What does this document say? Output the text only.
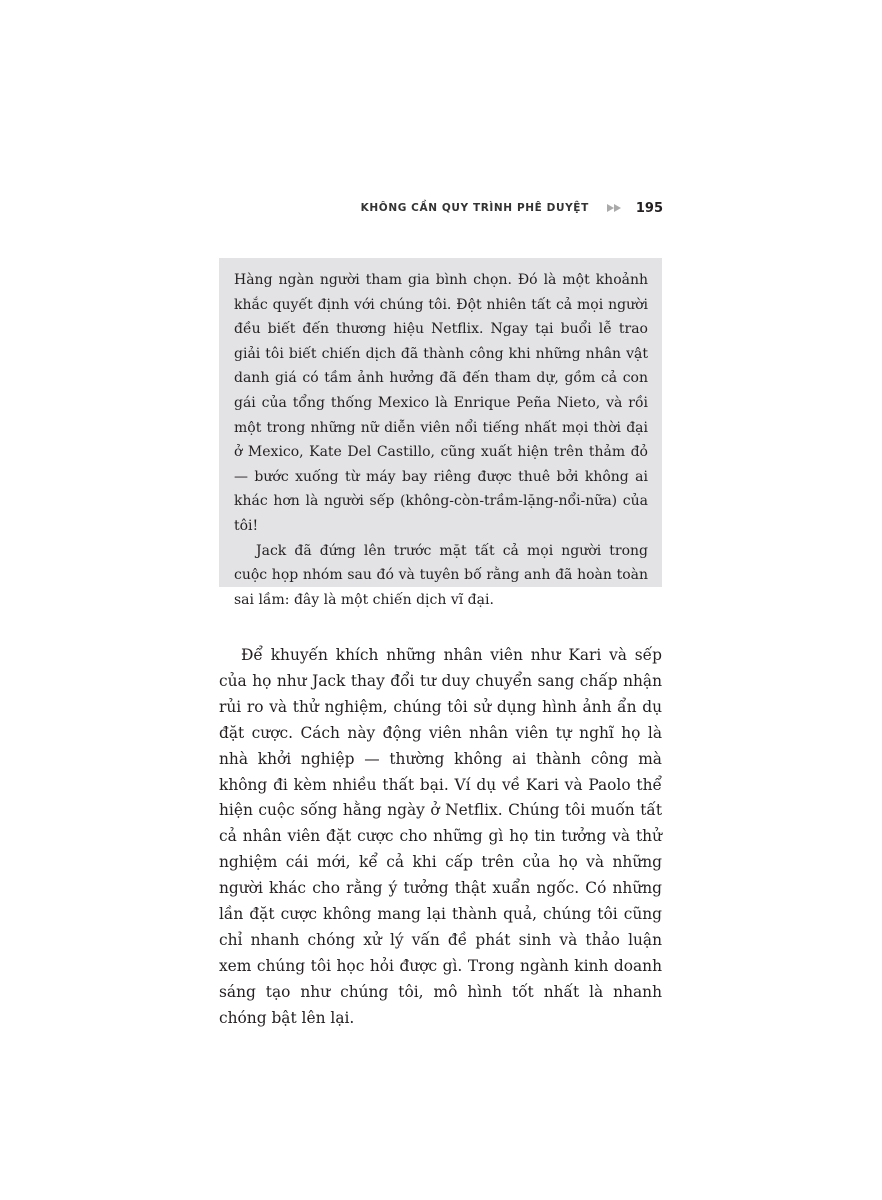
KHÔNG CẦN QUY TRÌNH PHÊ DUYỆT	195

Hàng ngàn người tham gia bình chọn. Đó là một khoảnh khắc quyết định với chúng tôi. Đột nhiên tất cả mọi người đều biết đến thương hiệu Netflix. Ngay tại buổi lễ trao giải tôi biết chiến dịch đã thành công khi những nhân vật danh giá có tầm ảnh hưởng đã đến tham dự, gồm cả con gái của tổng thống Mexico là Enrique Peña Nieto, và rồi một trong những nữ diễn viên nổi tiếng nhất mọi thời đại ở Mexico, Kate Del Castillo, cũng xuất hiện trên thảm đỏ — bước xuống từ máy bay riêng được thuê bởi không ai khác hơn là người sếp (không-còn-trầm-lặng-nổi-nữa) của tôi!

Jack đã đứng lên trước mặt tất cả mọi người trong cuộc họp nhóm sau đó và tuyên bố rằng anh đã hoàn toàn sai lầm: đây là một chiến dịch vĩ đại.

Để khuyến khích những nhân viên như Kari và sếp của họ như Jack thay đổi tư duy chuyển sang chấp nhận rủi ro và thử nghiệm, chúng tôi sử dụng hình ảnh ẩn dụ đặt cược. Cách này động viên nhân viên tự nghĩ họ là nhà khởi nghiệp — thường không ai thành công mà không đi kèm nhiều thất bại. Ví dụ về Kari và Paolo thể hiện cuộc sống hằng ngày ở Netflix. Chúng tôi muốn tất cả nhân viên đặt cược cho những gì họ tin tưởng và thử nghiệm cái mới, kể cả khi cấp trên của họ và những người khác cho rằng ý tưởng thật xuẩn ngốc. Có những lần đặt cược không mang lại thành quả, chúng tôi cũng chỉ nhanh chóng xử lý vấn đề phát sinh và thảo luận xem chúng tôi học hỏi được gì. Trong ngành kinh doanh sáng tạo như chúng tôi, mô hình tốt nhất là nhanh chóng bật lên lại.
